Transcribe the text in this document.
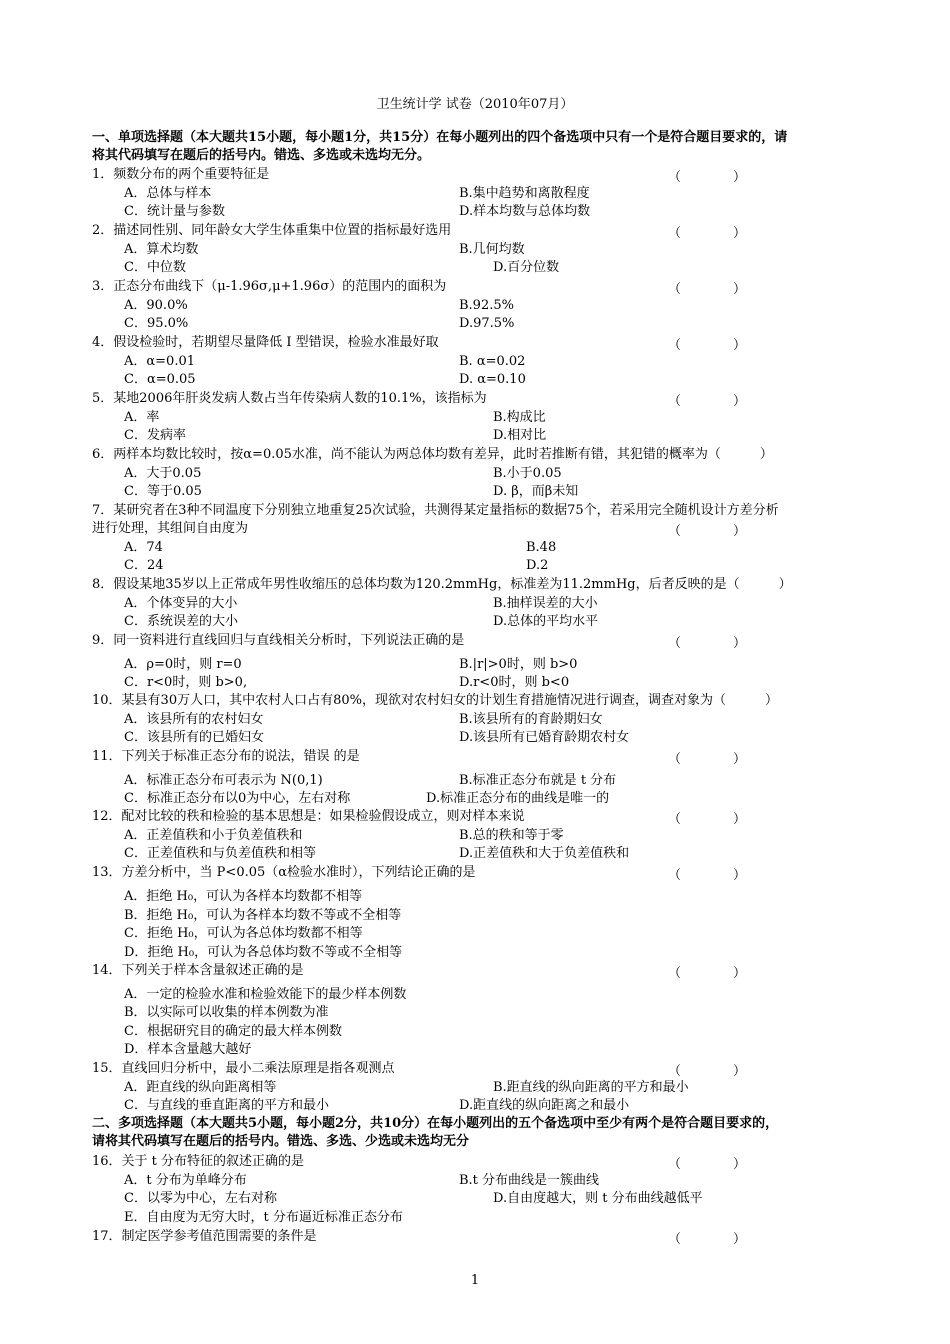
卫生统计学 试卷（2010年07月）
一、单项选择题（本大题共15小题，每小题1分，共15分）在每小题列出的四个备选项中只有一个是符合题目要求的，请
将其代码填写在题后的括号内。错选、多选或未选均无分。
1．频数分布的两个重要特征是	（　　　　）
A．总体与样本	B.集中趋势和离散程度
C．统计量与参数	D.样本均数与总体均数
2．描述同性别、同年龄女大学生体重集中位置的指标最好选用	（　　　　）
A．算术均数	B.几何均数
C．中位数	D.百分位数
3．正态分布曲线下（μ-1.96σ,μ+1.96σ）的范围内的面积为	（　　　　）
A．90.0%	B.92.5%
C．95.0%	D.97.5%
4．假设检验时，若期望尽量降低 I 型错误，检验水准最好取	（　　　　）
A．α=0.01	B. α=0.02
C．α=0.05	D. α=0.10
5．某地2006年肝炎发病人数占当年传染病人数的10.1%，该指标为	（　　　　）
A．率	B.构成比
C．发病率	D.相对比
6．两样本均数比较时，按α=0.05水准，尚不能认为两总体均数有差异，此时若推断有错，其犯错的概率为（　　　）
A．大于0.05	B.小于0.05
C．等于0.05	D. β，而β未知
7．某研究者在3种不同温度下分别独立地重复25次试验，共测得某定量指标的数据75个，若采用完全随机设计方差分析
进行处理，其组间自由度为	（　　　　）
A．74	B.48
C．24	D.2
8．假设某地35岁以上正常成年男性收缩压的总体均数为120.2mmHg，标准差为11.2mmHg，后者反映的是（　　　）
A．个体变异的大小	B.抽样误差的大小
C．系统误差的大小	D.总体的平均水平
9．同一资料进行直线回归与直线相关分析时，下列说法正确的是	（　　　　）
A．ρ=0时，则 r=0	B.|r|>0时，则 b>0
C．r<0时，则 b>0,	D.r<0时，则 b<0
10．某县有30万人口，其中农村人口占有80%，现欲对农村妇女的计划生育措施情况进行调查，调查对象为（　　　）
A．该县所有的农村妇女	B.该县所有的育龄期妇女
C．该县所有的已婚妇女	D.该县所有已婚育龄期农村女
11．下列关于标准正态分布的说法，错误 的是	（　　　　）
A．标准正态分布可表示为 N(0,1)	B.标准正态分布就是 t 分布
C．标准正态分布以0为中心，左右对称	D.标准正态分布的曲线是唯一的
12．配对比较的秩和检验的基本思想是：如果检验假设成立，则对样本来说	（　　　　）
A．正差值秩和小于负差值秩和	B.总的秩和等于零
C．正差值秩和与负差值秩和相等	D.正差值秩和大于负差值秩和
13．方差分析中，当 P<0.05（α检验水准时），下列结论正确的是	（　　　　）
A．拒绝 H₀，可认为各样本均数都不相等
B．拒绝 H₀，可认为各样本均数不等或不全相等
C．拒绝 H₀，可认为各总体均数都不相等
D．拒绝 H₀，可认为各总体均数不等或不全相等
14．下列关于样本含量叙述正确的是	（　　　　）
A．一定的检验水准和检验效能下的最少样本例数
B．以实际可以收集的样本例数为准
C．根据研究目的确定的最大样本例数
D．样本含量越大越好
15．直线回归分析中，最小二乘法原理是指各观测点	（　　　　）
A．距直线的纵向距离相等	B.距直线的纵向距离的平方和最小
C．与直线的垂直距离的平方和最小	D.距直线的纵向距离之和最小
二、多项选择题（本大题共5小题，每小题2分，共10分）在每小题列出的五个备选项中至少有两个是符合题目要求的，
请将其代码填写在题后的括号内。错选、多选、少选或未选均无分
16．关于 t 分布特征的叙述正确的是	（　　　　）
A．t 分布为单峰分布	B.t 分布曲线是一簇曲线
C．以零为中心，左右对称	D.自由度越大，则 t 分布曲线越低平
E．自由度为无穷大时，t 分布逼近标准正态分布
17．制定医学参考值范围需要的条件是	（　　　　）
1
